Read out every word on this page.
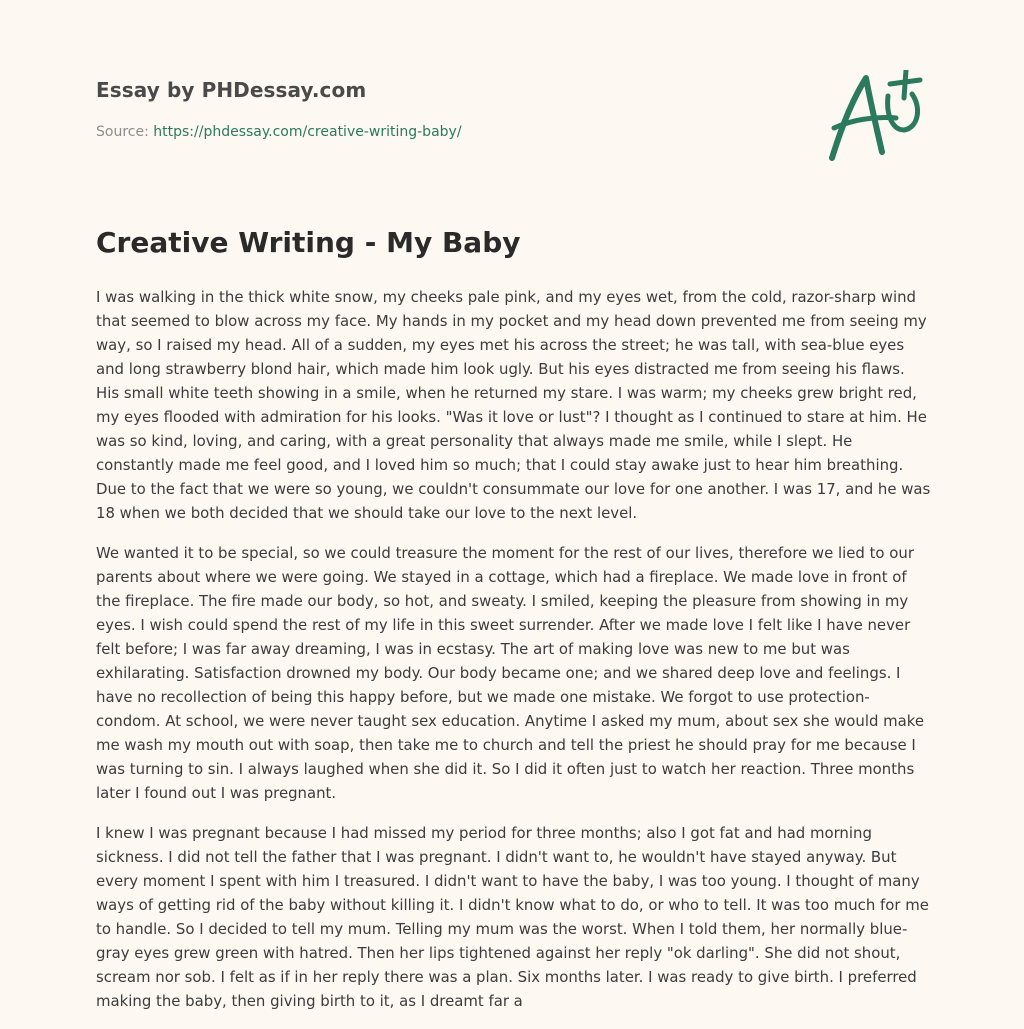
Essay by PHDessay.com
Source: https://phdessay.com/creative-writing-baby/
Creative Writing - My Baby

I was walking in the thick white snow, my cheeks pale pink, and my eyes wet, from the cold, razor-sharp wind that seemed to blow across my face. My hands in my pocket and my head down prevented me from seeing my way, so I raised my head. All of a sudden, my eyes met his across the street; he was tall, with sea-blue eyes and long strawberry blond hair, which made him look ugly. But his eyes distracted me from seeing his flaws. His small white teeth showing in a smile, when he returned my stare. I was warm; my cheeks grew bright red, my eyes flooded with admiration for his looks. "Was it love or lust"? I thought as I continued to stare at him. He was so kind, loving, and caring, with a great personality that always made me smile, while I slept. He constantly made me feel good, and I loved him so much; that I could stay awake just to hear him breathing. Due to the fact that we were so young, we couldn't consummate our love for one another. I was 17, and he was 18 when we both decided that we should take our love to the next level.

We wanted it to be special, so we could treasure the moment for the rest of our lives, therefore we lied to our parents about where we were going. We stayed in a cottage, which had a fireplace. We made love in front of the fireplace. The fire made our body, so hot, and sweaty. I smiled, keeping the pleasure from showing in my eyes. I wish could spend the rest of my life in this sweet surrender. After we made love I felt like I have never felt before; I was far away dreaming, I was in ecstasy. The art of making love was new to me but was exhilarating. Satisfaction drowned my body. Our body became one; and we shared deep love and feelings. I have no recollection of being this happy before, but we made one mistake. We forgot to use protection-condom. At school, we were never taught sex education. Anytime I asked my mum, about sex she would make me wash my mouth out with soap, then take me to church and tell the priest he should pray for me because I was turning to sin. I always laughed when she did it. So I did it often just to watch her reaction. Three months later I found out I was pregnant.

I knew I was pregnant because I had missed my period for three months; also I got fat and had morning sickness. I did not tell the father that I was pregnant. I didn't want to, he wouldn't have stayed anyway. But every moment I spent with him I treasured. I didn't want to have the baby, I was too young. I thought of many ways of getting rid of the baby without killing it. I didn't know what to do, or who to tell. It was too much for me to handle. So I decided to tell my mum. Telling my mum was the worst. When I told them, her normally blue-gray eyes grew green with hatred. Then her lips tightened against her reply "ok darling". She did not shout, scream nor sob. I felt as if in her reply there was a plan. Six months later. I was ready to give birth. I preferred making the baby, then giving birth to it, as I dreamt far a
